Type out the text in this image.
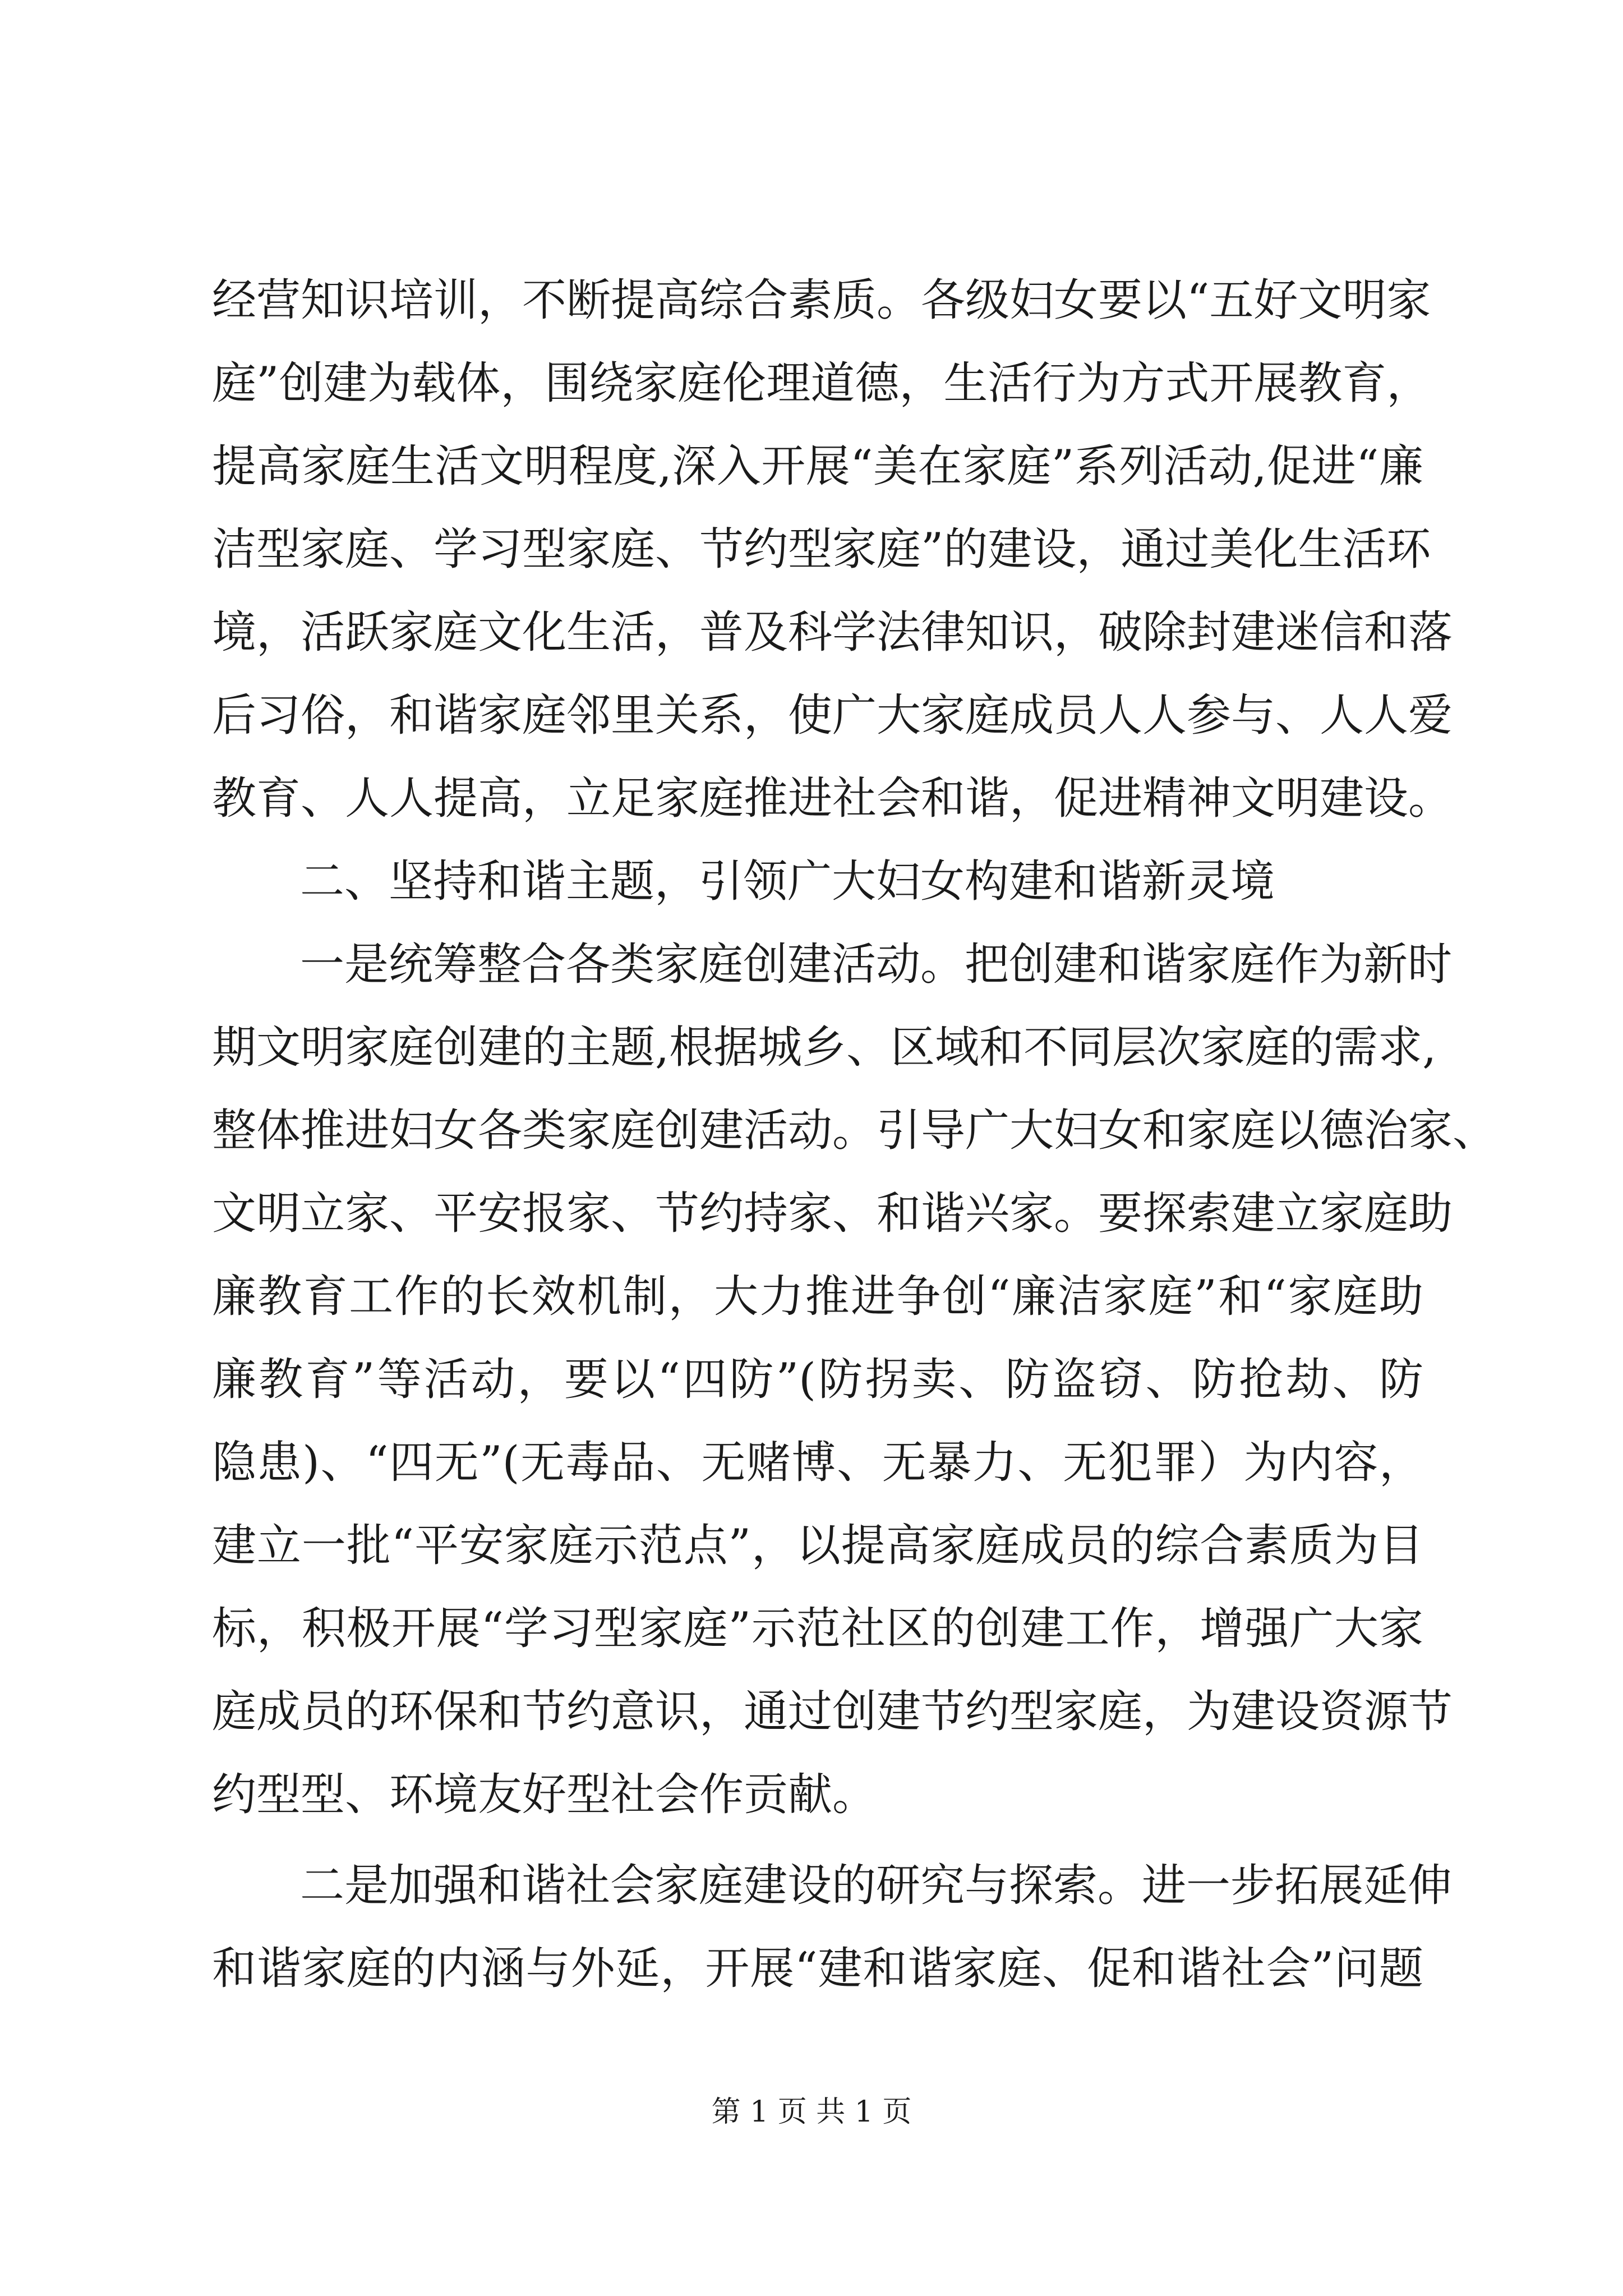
经营知识培训，不断提高综合素质。各级妇女要以“五好文明家
庭”创建为载体，围绕家庭伦理道德，生活行为方式开展教育，
提高家庭生活文明程度,深入开展“美在家庭”系列活动,促进“廉
洁型家庭、学习型家庭、节约型家庭”的建设，通过美化生活环
境，活跃家庭文化生活，普及科学法律知识，破除封建迷信和落
后习俗，和谐家庭邻里关系，使广大家庭成员人人参与、人人爱
教育、人人提高，立足家庭推进社会和谐，促进精神文明建设。
二、坚持和谐主题，引领广大妇女构建和谐新灵境
一是统筹整合各类家庭创建活动。把创建和谐家庭作为新时
期文明家庭创建的主题,根据城乡、区域和不同层次家庭的需求,
整体推进妇女各类家庭创建活动。引导广大妇女和家庭以德治家、
文明立家、平安报家、节约持家、和谐兴家。要探索建立家庭助
廉教育工作的长效机制，大力推进争创“廉洁家庭”和“家庭助
廉教育”等活动，要以“四防”(防拐卖、防盗窃、防抢劫、防
隐患)、“四无”(无毒品、无赌博、无暴力、无犯罪）为内容，
建立一批“平安家庭示范点”，以提高家庭成员的综合素质为目
标，积极开展“学习型家庭”示范社区的创建工作，增强广大家
庭成员的环保和节约意识，通过创建节约型家庭，为建设资源节
约型型、环境友好型社会作贡献。
二是加强和谐社会家庭建设的研究与探索。进一步拓展延伸
和谐家庭的内涵与外延，开展“建和谐家庭、促和谐社会”问题
第 1 页 共 1 页
